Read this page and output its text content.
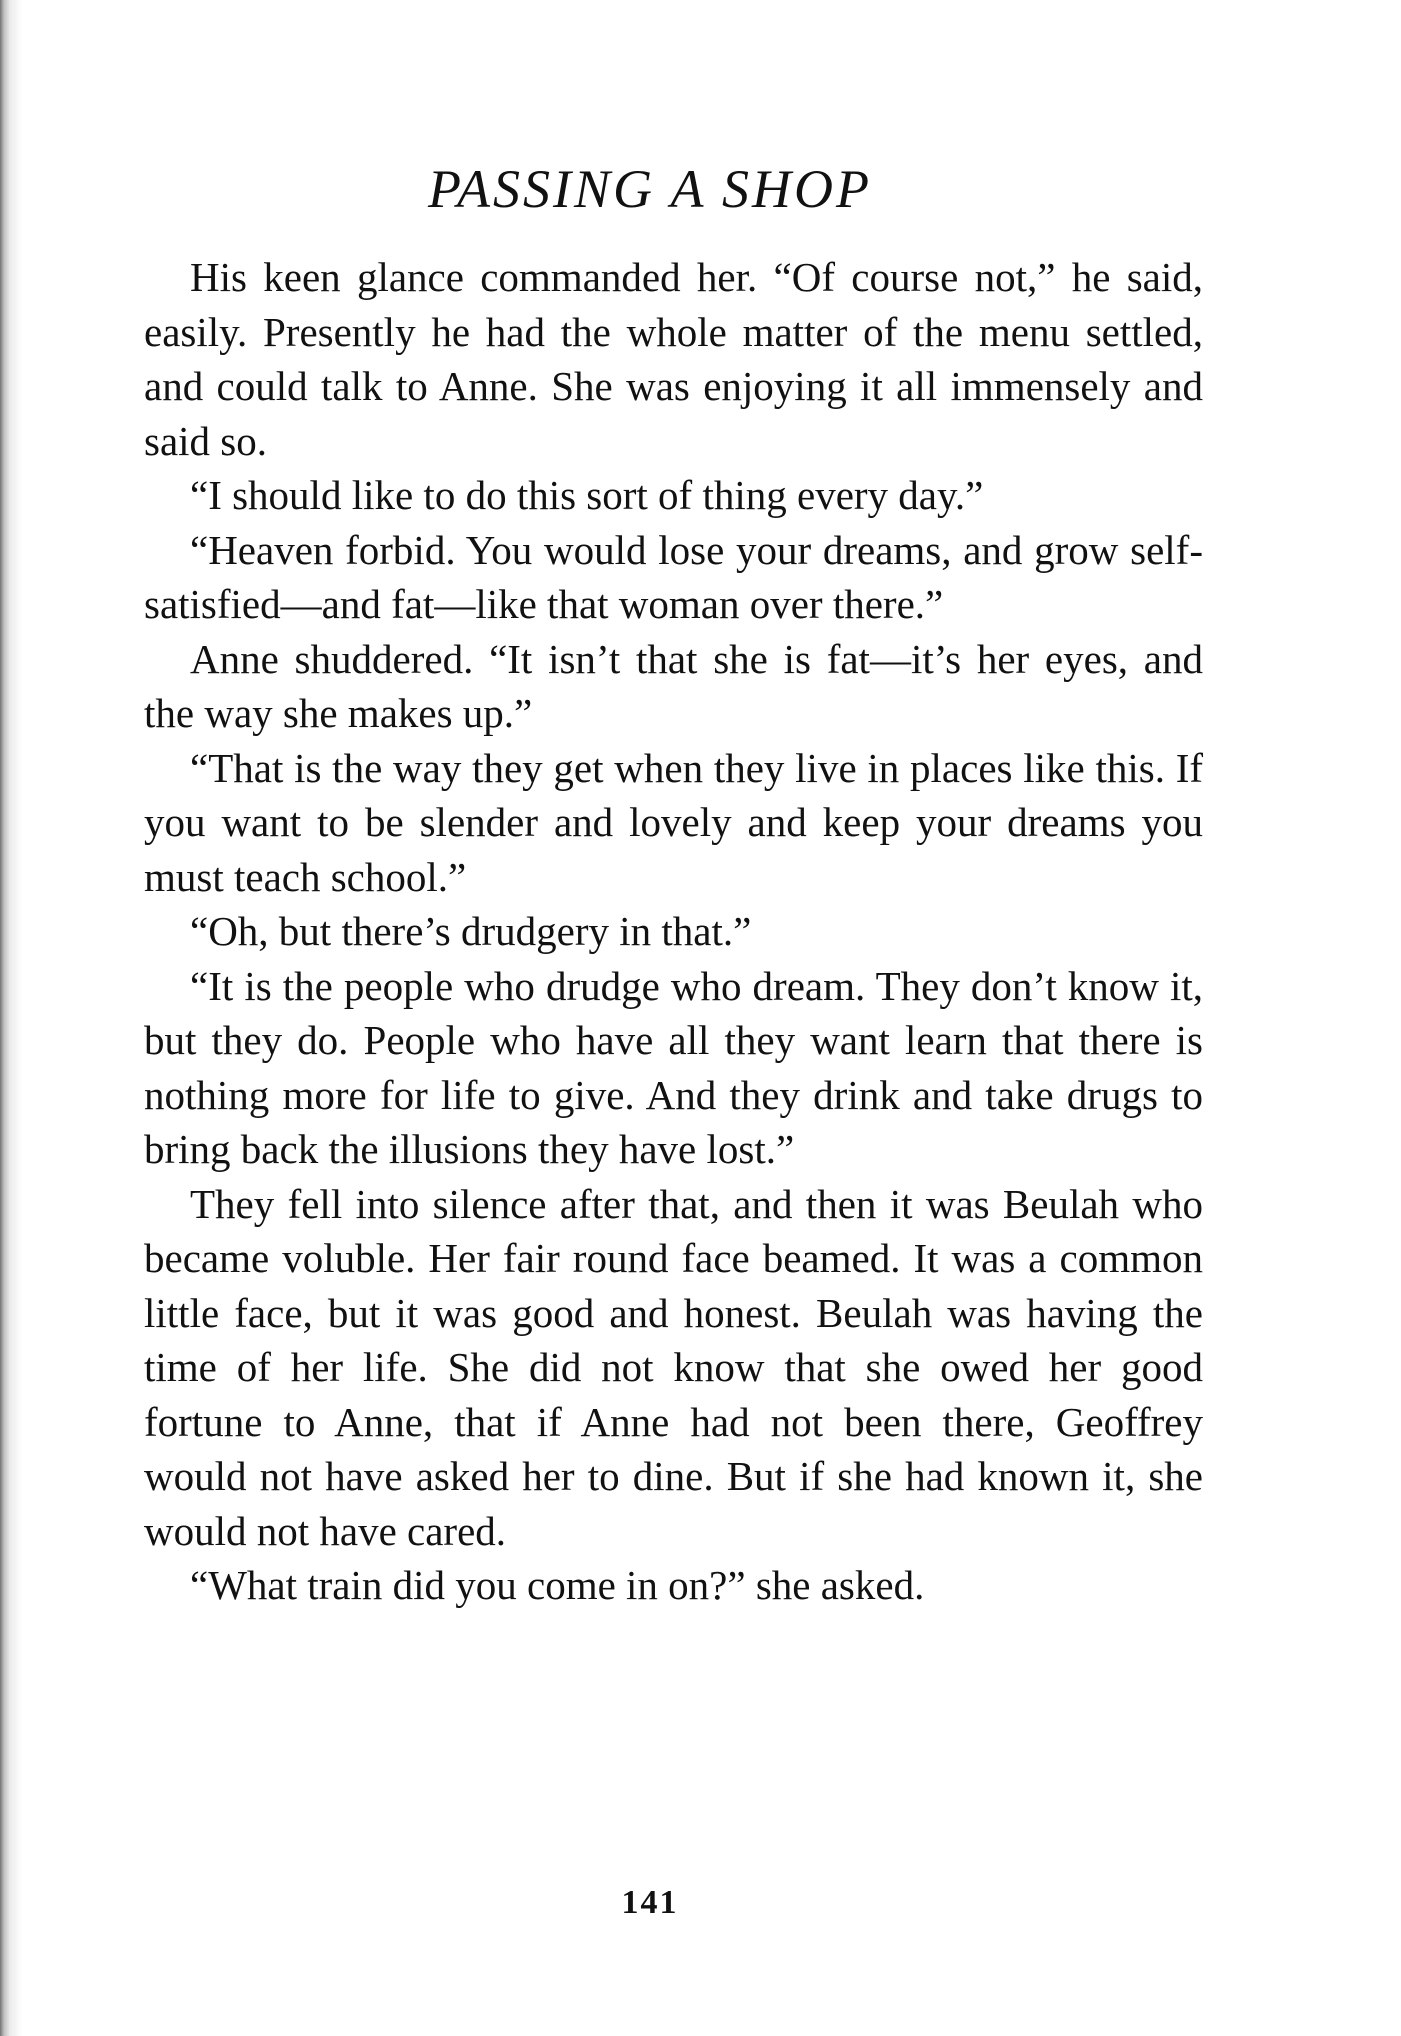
PASSING A SHOP

His keen glance commanded her. “Of course not,” he said, easily. Presently he had the whole matter of the menu settled, and could talk to Anne. She was enjoying it all immensely and said so.

“I should like to do this sort of thing every day.”

“Heaven forbid. You would lose your dreams, and grow self-satisfied—and fat—like that woman over there.”

Anne shuddered. “It isn’t that she is fat—it’s her eyes, and the way she makes up.”

“That is the way they get when they live in places like this. If you want to be slender and lovely and keep your dreams you must teach school.”

“Oh, but there’s drudgery in that.”

“It is the people who drudge who dream. They don’t know it, but they do. People who have all they want learn that there is nothing more for life to give. And they drink and take drugs to bring back the illusions they have lost.”

They fell into silence after that, and then it was Beulah who became voluble. Her fair round face beamed. It was a common little face, but it was good and honest. Beulah was having the time of her life. She did not know that she owed her good fortune to Anne, that if Anne had not been there, Geoffrey would not have asked her to dine. But if she had known it, she would not have cared.

“What train did you come in on?” she asked.

141
